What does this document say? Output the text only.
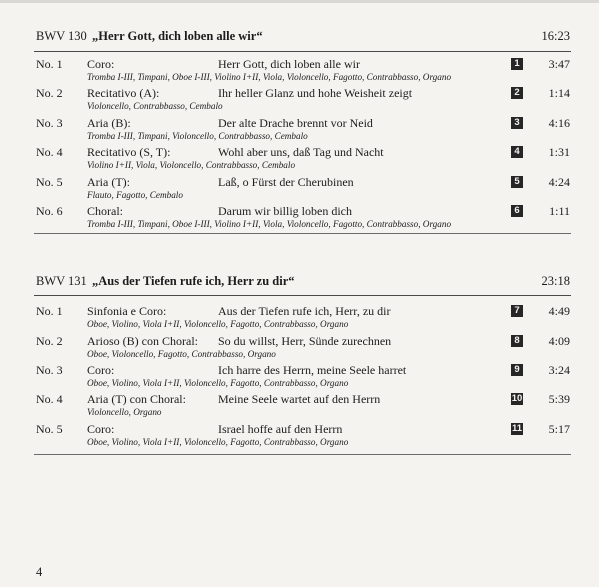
BWV 130 „Herr Gott, dich loben alle wir“	16:23
No. 1 Coro:	Herr Gott, dich loben alle wir
Tromba I-III, Timpani, Oboe I-III, Violino I+II, Viola, Violoncello, Fagotto, Contrabbasso, Organo
1 3:47
No. 2 Recitativo (A):	Ihr heller Glanz und hohe Weisheit zeigt
Violoncello, Contrabbasso, Cembalo
2 1:14
No. 3 Aria (B):	Der alte Drache brennt vor Neid
Tromba I-III, Timpani, Violoncello, Contrabbasso, Cembalo
3 4:16
No. 4 Recitativo (S, T):	Wohl aber uns, daß Tag und Nacht
Violino I+II, Viola, Violoncello, Contrabbasso, Cembalo
4 1:31
No. 5 Aria (T):	Laß, o Fürst der Cherubinen
Flauto, Fagotto, Cembalo
5 4:24
No. 6 Choral:	Darum wir billig loben dich
Tromba I-III, Timpani, Oboe I-III, Violino I+II, Viola, Violoncello, Fagotto, Contrabbasso, Organo
6 1:11
BWV 131 „Aus der Tiefen rufe ich, Herr zu dir“	23:18
No. 1 Sinfonia e Coro:	Aus der Tiefen rufe ich, Herr, zu dir
Oboe, Violino, Viola I+II, Violoncello, Fagotto, Contrabbasso, Organo
7 4:49
No. 2 Arioso (B) con Choral: So du willst, Herr, Sünde zurechnen
Oboe, Violoncello, Fagotto, Contrabbasso, Organo
8 4:09
No. 3 Coro:	Ich harre des Herrn, meine Seele harret
Oboe, Violino, Viola I+II, Violoncello, Fagotto, Contrabbasso, Organo
9 3:24
No. 4 Aria (T) con Choral:	Meine Seele wartet auf den Herrn
Violoncello, Organo
10 5:39
No. 5 Coro:	Israel hoffe auf den Herrn
Oboe, Violino, Viola I+II, Violoncello, Fagotto, Contrabbasso, Organo
11 5:17
4
